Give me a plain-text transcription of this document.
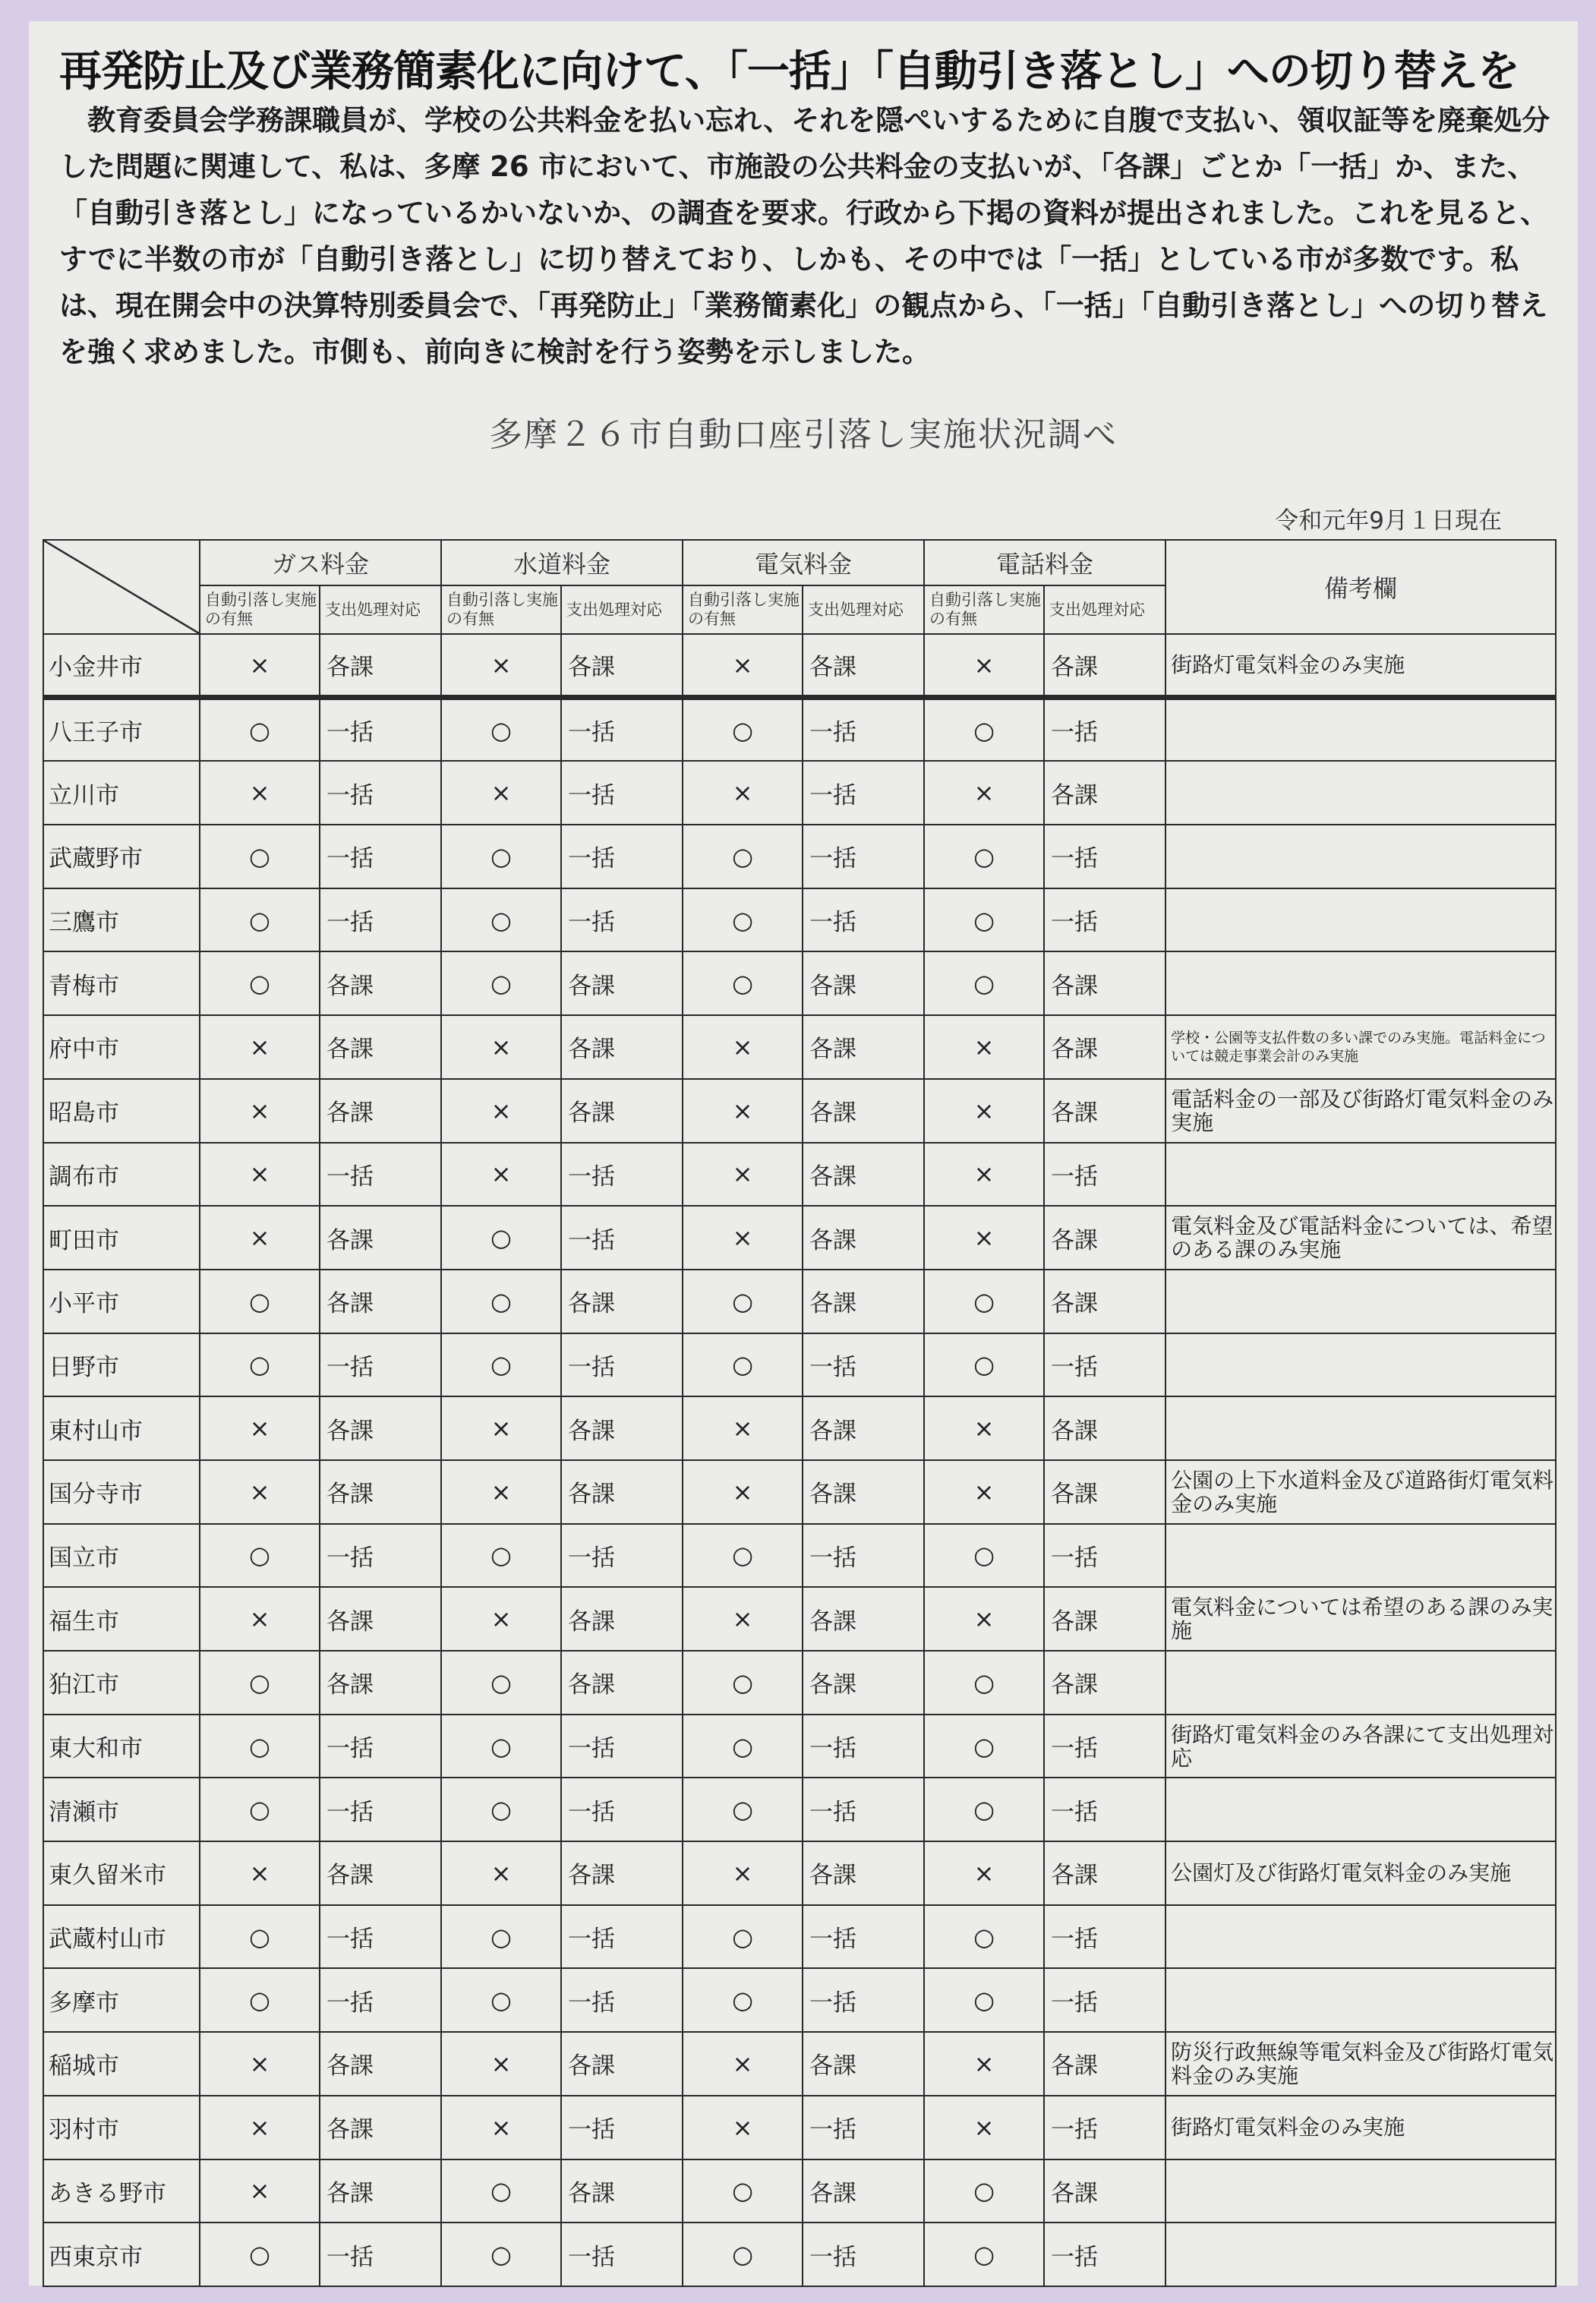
再発防止及び業務簡素化に向けて、「一括」「自動引き落とし」への切り替えを

教育委員会学務課職員が、学校の公共料金を払い忘れ、それを隠ぺいするために自腹で支払い、領収証等を廃棄処分した問題に関連して、私は、多摩 26 市において、市施設の公共料金の支払いが、「各課」ごとか「一括」か、また、「自動引き落とし」になっているかいないか、の調査を要求。行政から下掲の資料が提出されました。これを見ると、すでに半数の市が「自動引き落とし」に切り替えており、しかも、その中では「一括」としている市が多数です。私は、現在開会中の決算特別委員会で、「再発防止」「業務簡素化」の観点から、「一括」「自動引き落とし」への切り替えを強く求めました。市側も、前向きに検討を行う姿勢を示しました。

多摩２６市自動口座引落し実施状況調べ
令和元年9月１日現在
	ガス料金		水道料金		電気料金		電話料金		備考欄
	自動引落し実施の有無	支出処理対応	自動引落し実施の有無	支出処理対応	自動引落し実施の有無	支出処理対応	自動引落し実施の有無	支出処理対応	
小金井市	×	各課	×	各課	×	各課	×	各課	街路灯電気料金のみ実施
八王子市	○	一括	○	一括	○	一括	○	一括	
立川市	×	一括	×	一括	×	一括	×	各課	
武蔵野市	○	一括	○	一括	○	一括	○	一括	
三鷹市	○	一括	○	一括	○	一括	○	一括	
青梅市	○	各課	○	各課	○	各課	○	各課	
府中市	×	各課	×	各課	×	各課	×	各課	学校・公園等支払件数の多い課でのみ実施。電話料金については競走事業会計のみ実施
昭島市	×	各課	×	各課	×	各課	×	各課	電話料金の一部及び街路灯電気料金のみ実施
調布市	×	一括	×	一括	×	各課	×	一括	
町田市	×	各課	○	一括	×	各課	×	各課	電気料金及び電話料金については、希望のある課のみ実施
小平市	○	各課	○	各課	○	各課	○	各課	
日野市	○	一括	○	一括	○	一括	○	一括	
東村山市	×	各課	×	各課	×	各課	×	各課	
国分寺市	×	各課	×	各課	×	各課	×	各課	公園の上下水道料金及び道路街灯電気料金のみ実施
国立市	○	一括	○	一括	○	一括	○	一括	
福生市	×	各課	×	各課	×	各課	×	各課	電気料金については希望のある課のみ実施
狛江市	○	各課	○	各課	○	各課	○	各課	
東大和市	○	一括	○	一括	○	一括	○	一括	街路灯電気料金のみ各課にて支出処理対応
清瀬市	○	一括	○	一括	○	一括	○	一括	
東久留米市	×	各課	×	各課	×	各課	×	各課	公園灯及び街路灯電気料金のみ実施
武蔵村山市	○	一括	○	一括	○	一括	○	一括	
多摩市	○	一括	○	一括	○	一括	○	一括	
稲城市	×	各課	×	各課	×	各課	×	各課	防災行政無線等電気料金及び街路灯電気料金のみ実施
羽村市	×	各課	×	一括	×	一括	×	一括	街路灯電気料金のみ実施
あきる野市	×	各課	○	各課	○	各課	○	各課	
西東京市	○	一括	○	一括	○	一括	○	一括	
